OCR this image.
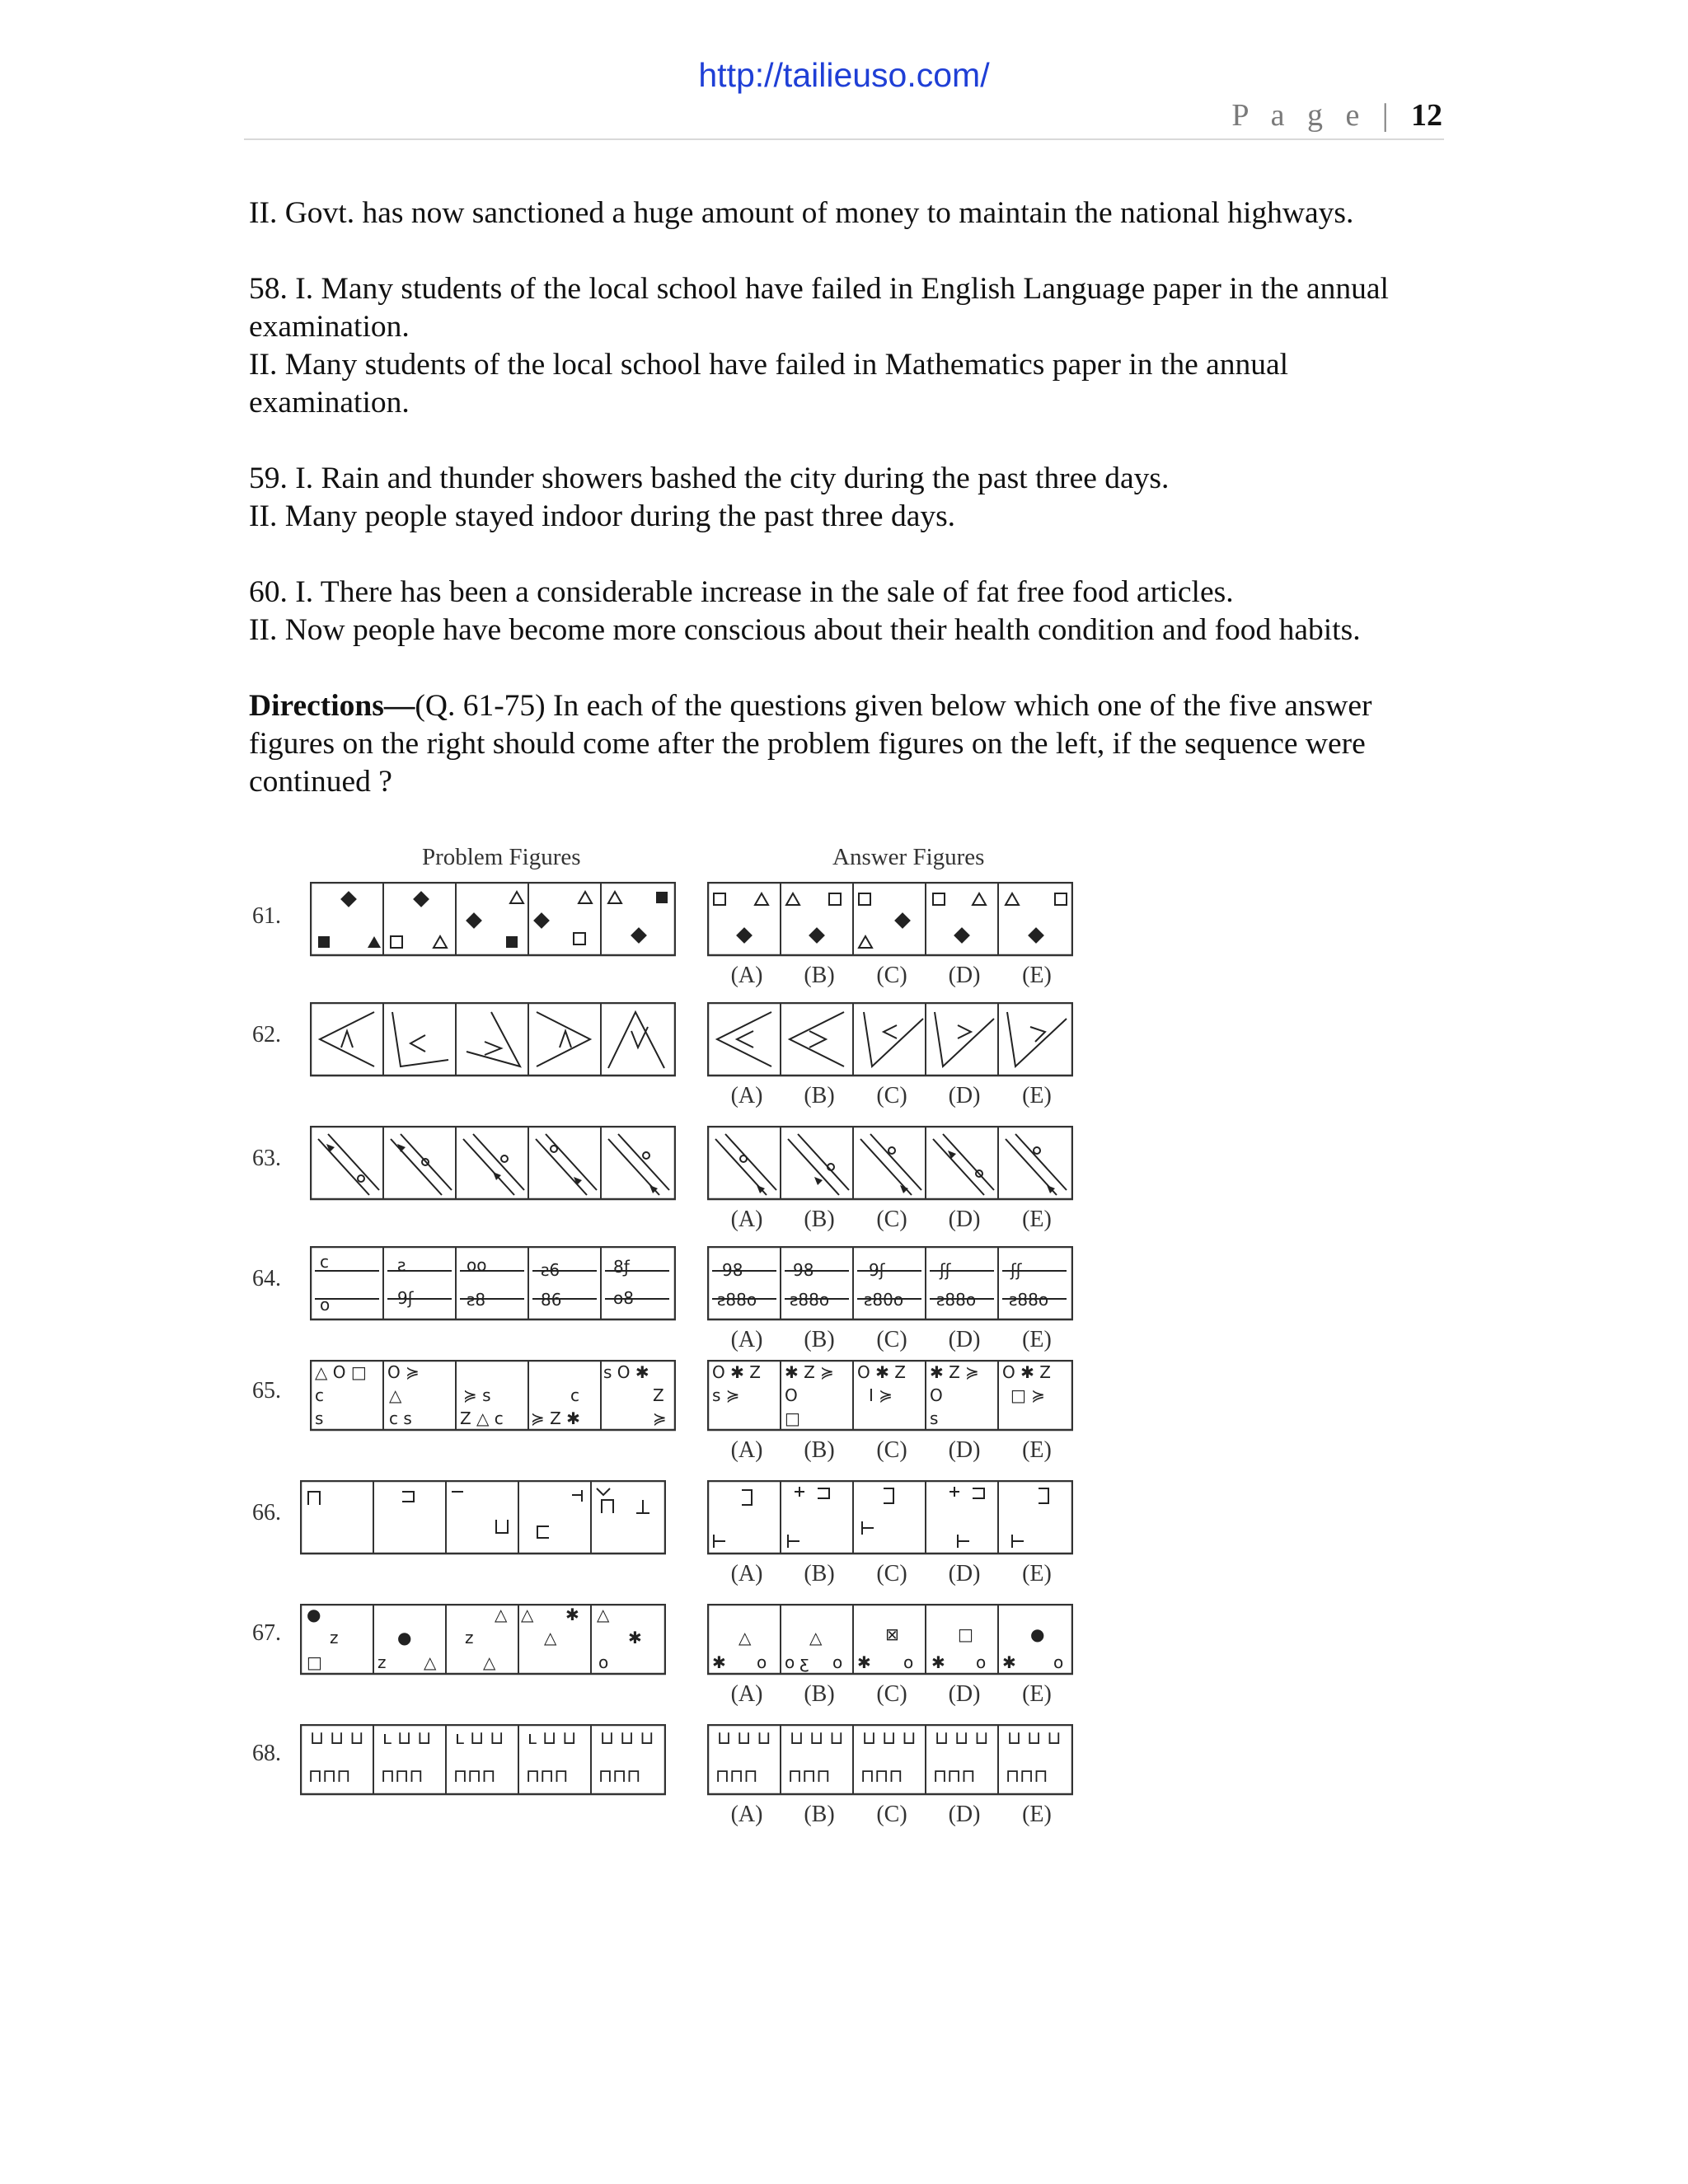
http://tailieuso.com/
P a g e | 12

II. Govt. has now sanctioned a huge amount of money to maintain the national highways.

58. I. Many students of the local school have failed in English Language paper in the annual examination.

II. Many students of the local school have failed in Mathematics paper in the annual examination.

59. I. Rain and thunder showers bashed the city during the past three days.

II. Many people stayed indoor during the past three days.

60. I. There has been a considerable increase in the sale of fat free food articles.

II. Now people have become more conscious about their health condition and food habits.

Directions—(Q. 61-75) In each of the questions given below which one of the five answer figures on the right should come after the problem figures on the left, if the sequence were continued ?

Problem Figures	Answer Figures
61.
(A)	(B)	(C)	(D)	(E)
62.
(A)	(B)	(C)	(D)	(E)
63.
(A)	(B)	(C)	(D)	(E)
64.
c
o
ƨ
9ʃ
oo
ƨ8
ƨ6
86
8ƒ
o8
98
ƨ88o
98
ƨ88o
9ʃ
ƨ80o
ʃʃ
ƨ88o
ʃʃ
ƨ88o
(A)	(B)	(C)	(D)	(E)
65.
△ O □
c
s
O ≽
△
c s
≽ s
Z △ c
c
≽ Z ✱
s O ✱
Z
≽
O ✱ Z
s ≽
✱ Z ≽
O
□
O ✱ Z
I ≽
✱ Z ≽
O
s
O ✱ Z
□ ≽
(A)	(B)	(C)	(D)	(E)
66.
(A)	(B)	(C)	(D)	(E)
67.
●
z
□
●
z △
z
△
△ △
△
✱ △
✱
o
△
✱ o
△
o ƹ o
⊠
✱ o
□
✱ o
●
✱ o
(A)	(B)	(C)	(D)	(E)
68.
⊔ ⊔ ⊔
⊓⊓⊓
ʟ ⊔ ⊔
⊓⊓⊓
ʟ ⊔ ⊔
⊓⊓⊓
ʟ ⊔ ⊔
⊓⊓⊓
⊔ ⊔ ⊔
⊓⊓⊓
⊔ ⊔ ⊔
⊓⊓⊓
⊔ ⊔ ⊔
⊓⊓⊓
⊔ ⊔ ⊔
⊓⊓⊓
⊔ ⊔ ⊔
⊓⊓⊓
⊔ ⊔ ⊔
⊓⊓⊓
(A)	(B)	(C)	(D)	(E)
